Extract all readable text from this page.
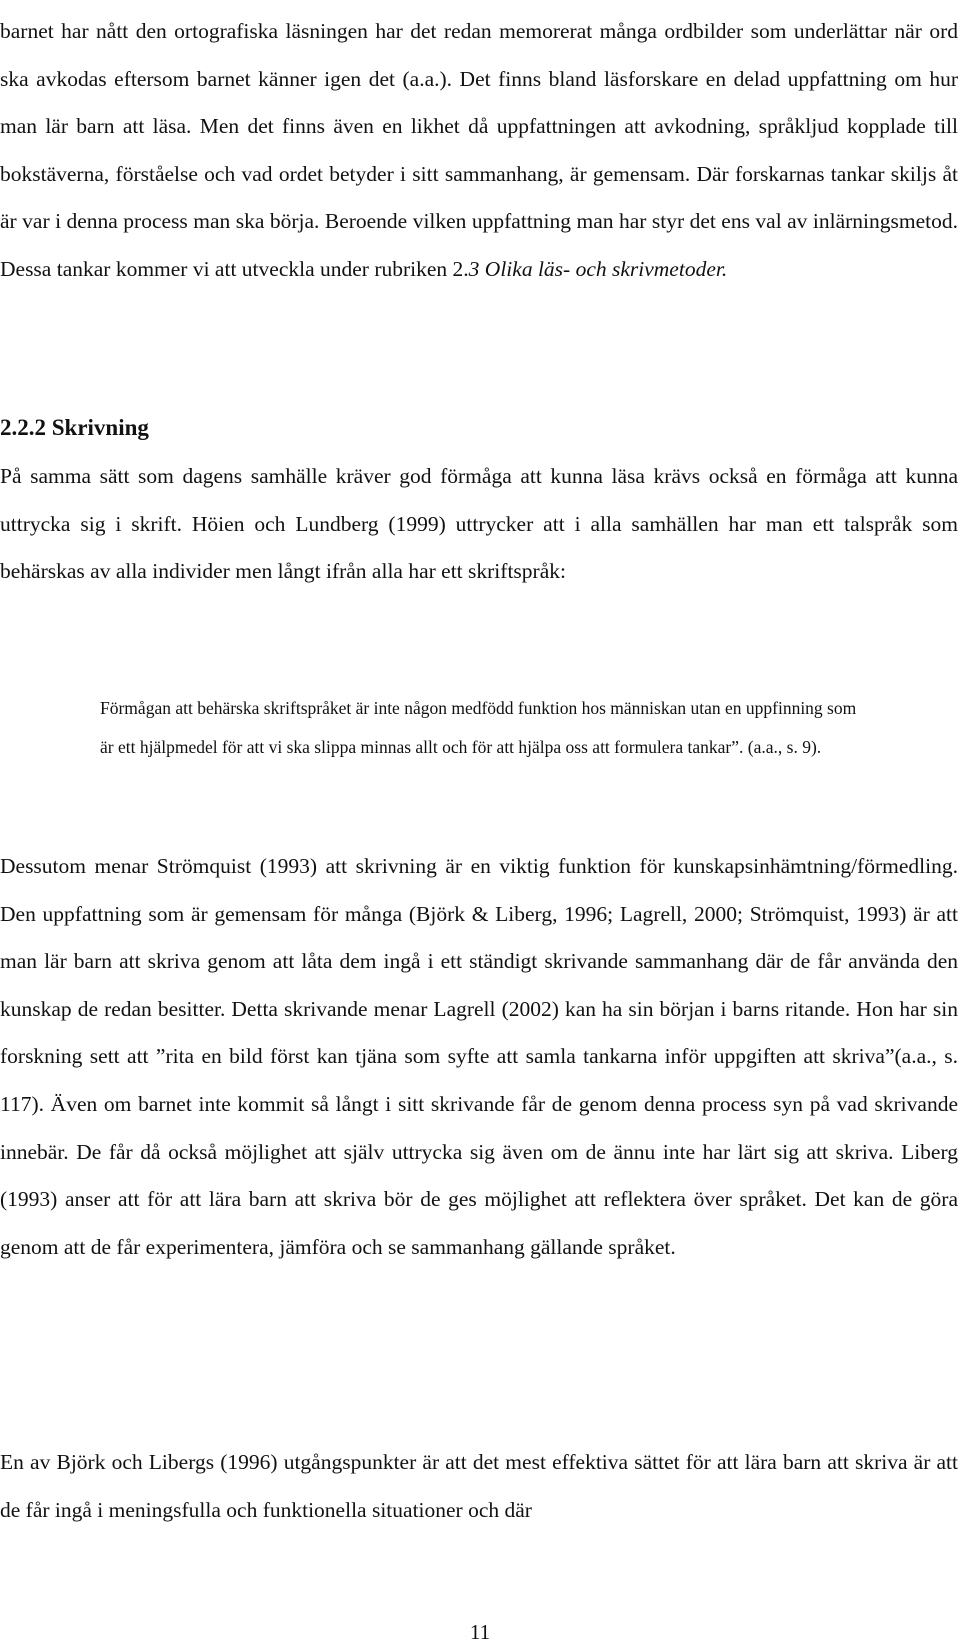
barnet har nått den ortografiska läsningen har det redan memorerat många ordbilder som underlättar när ord ska avkodas eftersom barnet känner igen det (a.a.). Det finns bland läsforskare en delad uppfattning om hur man lär barn att läsa. Men det finns även en likhet då uppfattningen att avkodning, språkljud kopplade till bokstäverna, förståelse och vad ordet betyder i sitt sammanhang, är gemensam. Där forskarnas tankar skiljs åt är var i denna process man ska börja. Beroende vilken uppfattning man har styr det ens val av inlärningsmetod. Dessa tankar kommer vi att utveckla under rubriken 2.3 Olika läs- och skrivmetoder.

2.2.2 Skrivning

På samma sätt som dagens samhälle kräver god förmåga att kunna läsa krävs också en förmåga att kunna uttrycka sig i skrift. Höien och Lundberg (1999) uttrycker att i alla samhällen har man ett talspråk som behärskas av alla individer men långt ifrån alla har ett skriftspråk:

Förmågan att behärska skriftspråket är inte någon medfödd funktion hos människan utan en uppfinning som är ett hjälpmedel för att vi ska slippa minnas allt och för att hjälpa oss att formulera tankar”. (a.a., s. 9).

Dessutom menar Strömquist (1993) att skrivning är en viktig funktion för kunskapsinhämtning/förmedling. Den uppfattning som är gemensam för många (Björk & Liberg, 1996; Lagrell, 2000; Strömquist, 1993) är att man lär barn att skriva genom att låta dem ingå i ett ständigt skrivande sammanhang där de får använda den kunskap de redan besitter. Detta skrivande menar Lagrell (2002) kan ha sin början i barns ritande. Hon har sin forskning sett att ”rita en bild först kan tjäna som syfte att samla tankarna inför uppgiften att skriva”(a.a., s. 117). Även om barnet inte kommit så långt i sitt skrivande får de genom denna process syn på vad skrivande innebär. De får då också möjlighet att själv uttrycka sig även om de ännu inte har lärt sig att skriva. Liberg (1993) anser att för att lära barn att skriva bör de ges möjlighet att reflektera över språket. Det kan de göra genom att de får experimentera, jämföra och se sammanhang gällande språket.

En av Björk och Libergs (1996) utgångspunkter är att det mest effektiva sättet för att lära barn att skriva är att de får ingå i meningsfulla och funktionella situationer och där

11
